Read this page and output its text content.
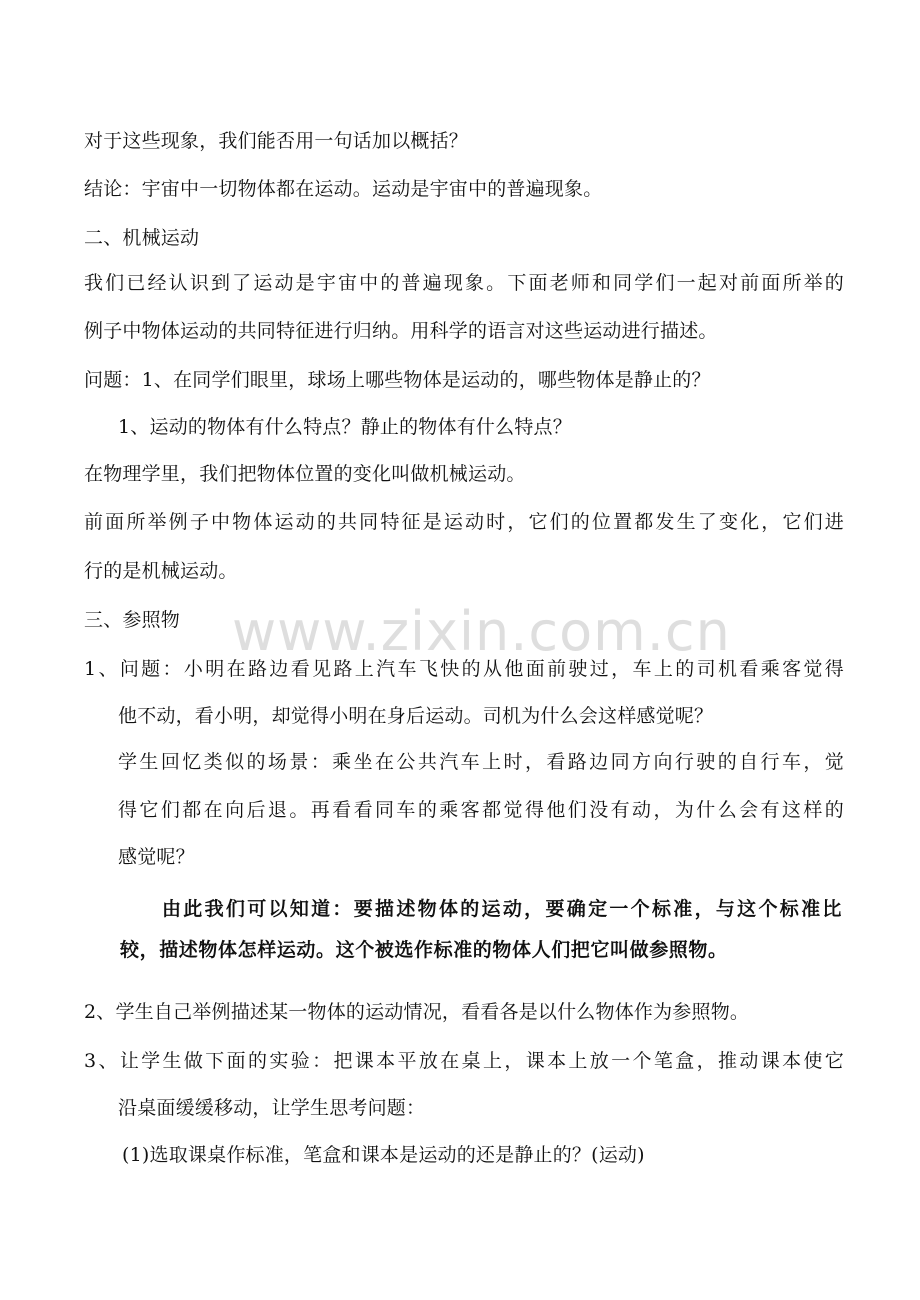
对于这些现象，我们能否用一句话加以概括？
结论：宇宙中一切物体都在运动。运动是宇宙中的普遍现象。
二、机械运动
我们已经认识到了运动是宇宙中的普遍现象。下面老师和同学们一起对前面所举的
例子中物体运动的共同特征进行归纳。用科学的语言对这些运动进行描述。
问题：1、在同学们眼里，球场上哪些物体是运动的，哪些物体是静止的？
1、运动的物体有什么特点？静止的物体有什么特点？
在物理学里，我们把物体位置的变化叫做机械运动。
前面所举例子中物体运动的共同特征是运动时，它们的位置都发生了变化，它们进
行的是机械运动。
三、参照物
1、问题：小明在路边看见路上汽车飞快的从他面前驶过，车上的司机看乘客觉得
他不动，看小明，却觉得小明在身后运动。司机为什么会这样感觉呢？
学生回忆类似的场景：乘坐在公共汽车上时，看路边同方向行驶的自行车，觉
得它们都在向后退。再看看同车的乘客都觉得他们没有动，为什么会有这样的
感觉呢？
由此我们可以知道：要描述物体的运动，要确定一个标准，与这个标准比
较，描述物体怎样运动。这个被选作标准的物体人们把它叫做参照物。
2、学生自己举例描述某一物体的运动情况，看看各是以什么物体作为参照物。
3、让学生做下面的实验：把课本平放在桌上，课本上放一个笔盒，推动课本使它
沿桌面缓缓移动，让学生思考问题：
(1)选取课桌作标准，笔盒和课本是运动的还是静止的？(运动)
www.zixin.com.cn
